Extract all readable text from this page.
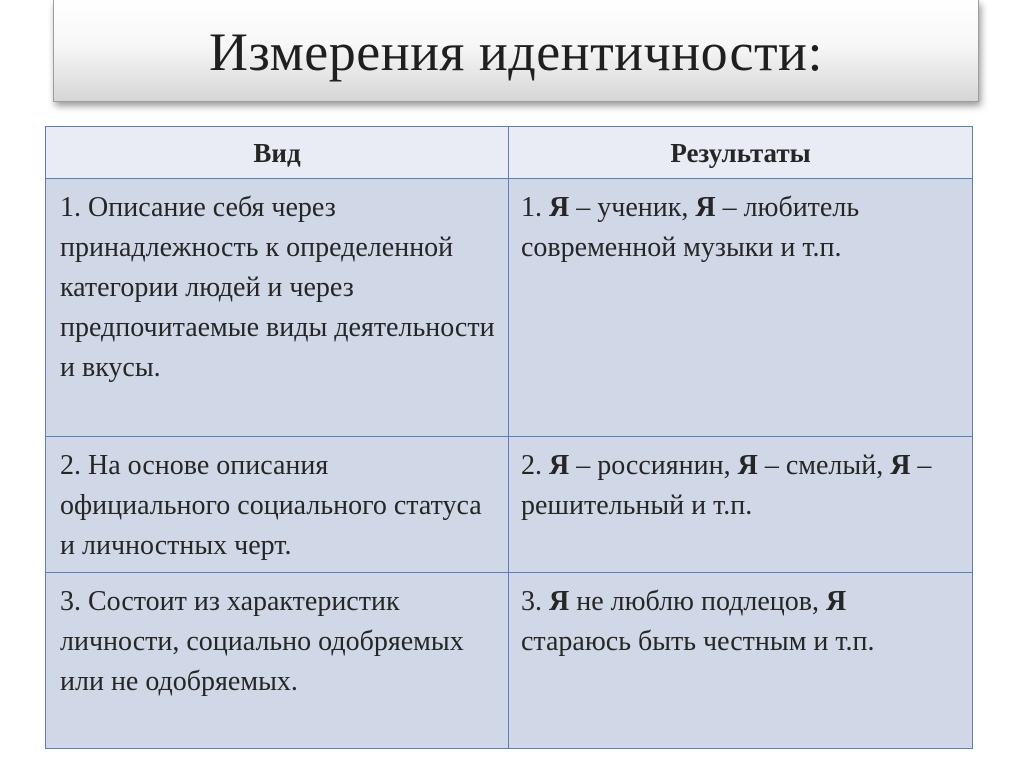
Измерения идентичности:
Вид	Результаты
1. Описание себя через принадлежность к определенной категории людей и через предпочитаемые виды деятельности и вкусы.	1. Я – ученик, Я – любитель современной музыки и т.п.
2. На основе описания официального социального статуса и личностных черт.	2. Я – россиянин, Я – смелый, Я – решительный и т.п.
3. Состоит из характеристик личности, социально одобряемых или не одобряемых.	3. Я не люблю подлецов, Я стараюсь быть честным и т.п.
